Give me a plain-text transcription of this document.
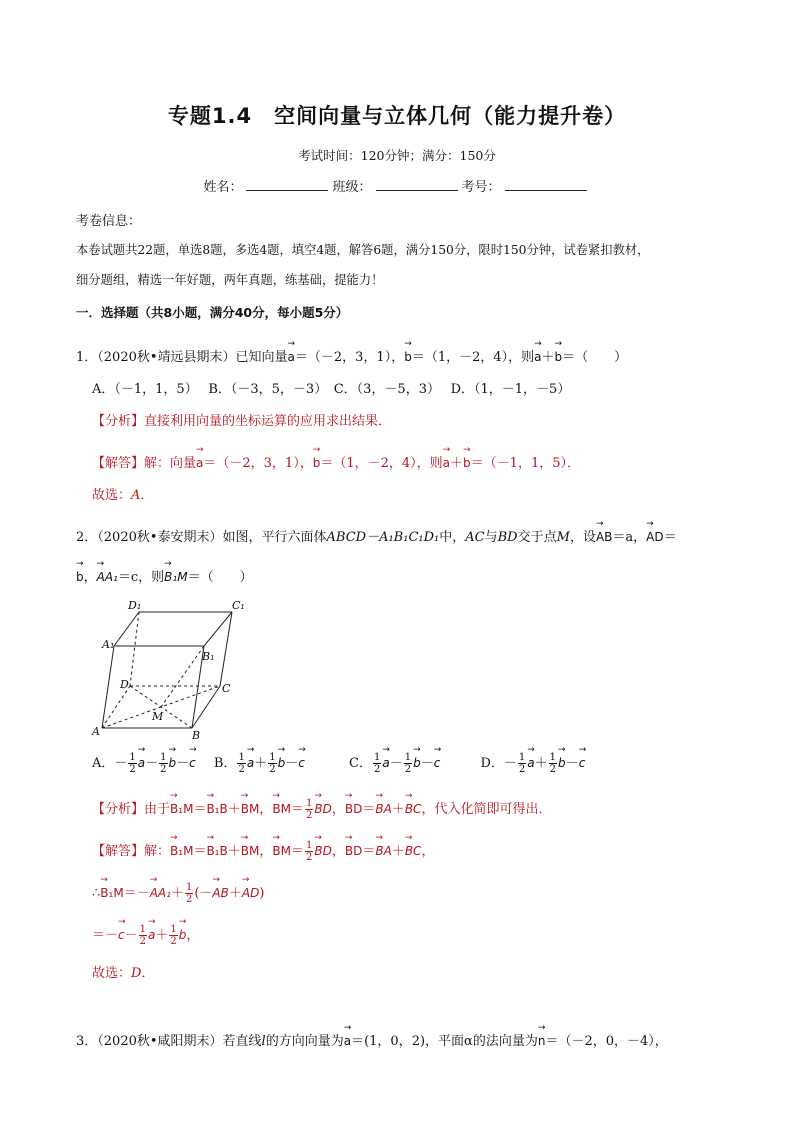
专题1.4　空间向量与立体几何（能力提升卷）
考试时间：120分钟；满分：150分
姓名：	班级：	考号：
考卷信息：
本卷试题共22题，单选8题，多选4题，填空4题，解答6题，满分150分，限时150分钟，试卷紧扣教材，
细分题组，精选一年好题，两年真题，练基础，提能力！
一．选择题（共8小题，满分40分，每小题5分）
1．（2020秋•靖远县期末）已知向量→ a＝（－2，3，1），→ b＝（1，－2，4），则→ a＋→ b＝（　　）
A．（－1，1，5）　 B．（－3，5，－3）　C．（3，－5，3）　 D．（1，－1，－5）
【分析】直接利用向量的坐标运算的应用求出结果．
【解答】解：向量→ a＝（－2，3，1），→ b＝（1，－2，4），则→ a＋→ b＝（－1，1，5）．
故选：A．
2．（2020秋•泰安期末）如图，平行六面体ABCD－A₁B₁C₁D₁中，AC与BD交于点M，设→ AB＝a，→ AD＝
→ b，→ AA₁＝c，则→ B₁M＝（　　）
D₁	C₁
A₁
B₁
D	C
M
A	B
A．－ $\frac{1}{2}$
→ $a- \frac{1}{2}$
→ b－→ c B． $\frac{1}{2}$
→ $a+ \frac{1}{2}$
→ b－→ c	C． $\frac{1}{2}$
→ $a- \frac{1}{2}$
→ b－→ c	D．－ $\frac{1}{2}$
→ $a+ \frac{1}{2}$
→ b－→ c
【分析】由于→ B₁M＝→ B₁B＋→ BM，→ $BM= \frac{1}{2}$
→ BD，→ BD＝→ BA＋→ BC，代入化简即可得出．
【解答】解：→ B₁M＝→ B₁B＋→ BM，→ $BM= \frac{1}{2}$
→ BD，→ BD＝→ BA＋→ BC，
∴→ $B_1M=-\to AA_1+ \frac{1}{2}$ (－→ AB＋→ AD)
＝－→ $c- \frac{1}{2}$
→ $a+ \frac{1}{2}$
→ b，
故选：D．
3．（2020秋•咸阳期末）若直线l的方向向量为→ a＝(1，0，2)，平面α的法向量为→ n＝（－2，0，－4），
